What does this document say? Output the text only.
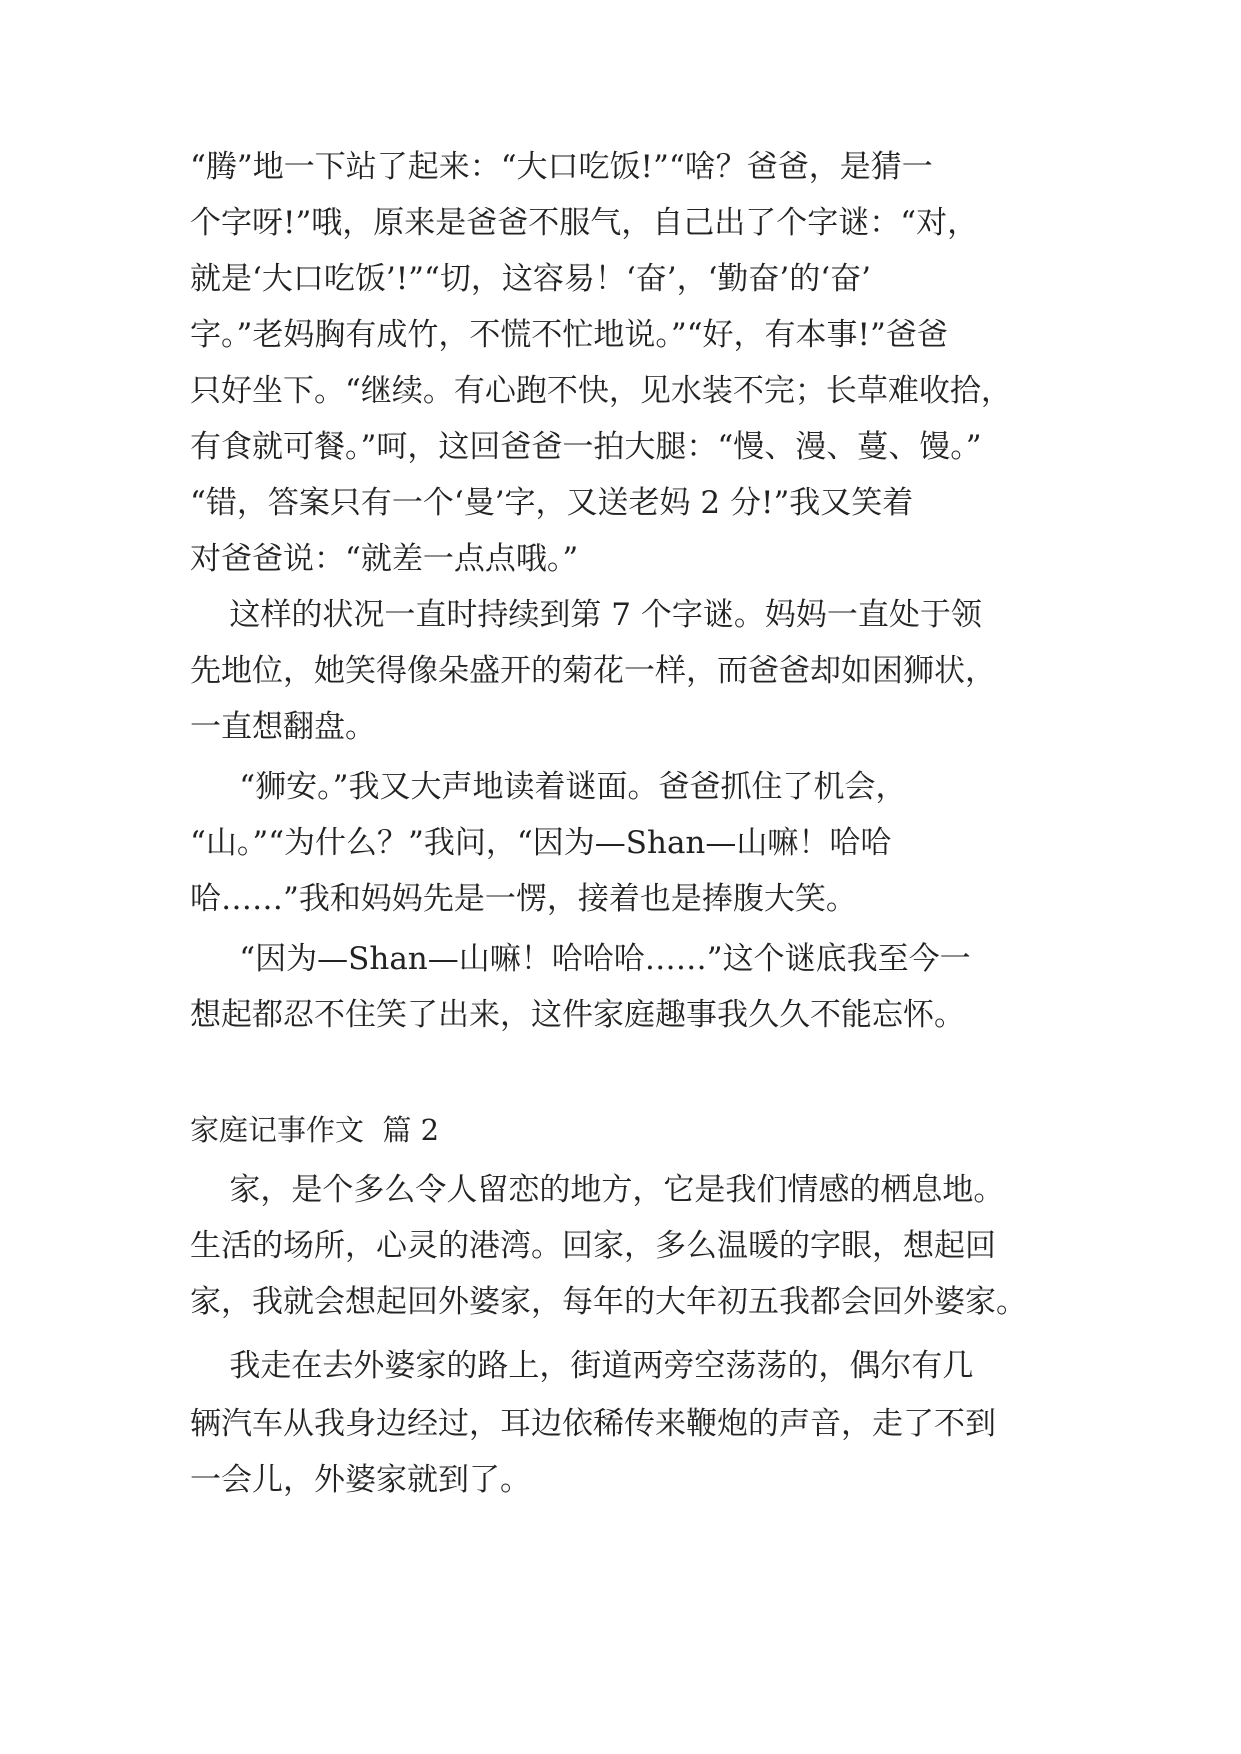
“腾”地一下站了起来：“大口吃饭!”“啥？爸爸，是猜一
个字呀!”哦，原来是爸爸不服气，自己出了个字谜：“对，
就是‘大口吃饭’!”“切，这容易！‘奋’，‘勤奋’的‘奋’
字。”老妈胸有成竹，不慌不忙地说。”“好，有本事!”爸爸
只好坐下。“继续。有心跑不快，见水装不完；长草难收拾，
有食就可餐。”呵，这回爸爸一拍大腿：“慢、漫、蔓、馒。”
“错，答案只有一个‘曼’字，又送老妈 2 分!”我又笑着
对爸爸说：“就差一点点哦。”
这样的状况一直时持续到第 7 个字谜。妈妈一直处于领
先地位，她笑得像朵盛开的菊花一样，而爸爸却如困狮状，
一直想翻盘。
“狮安。”我又大声地读着谜面。爸爸抓住了机会，
“山。”“为什么？”我问，“因为—Shan—山嘛！哈哈
哈……”我和妈妈先是一愣，接着也是捧腹大笑。
“因为—Shan—山嘛！哈哈哈……”这个谜底我至今一
想起都忍不住笑了出来，这件家庭趣事我久久不能忘怀。
家庭记事作文  篇 2
家，是个多么令人留恋的地方，它是我们情感的栖息地。
生活的场所，心灵的港湾。回家，多么温暖的字眼，想起回
家，我就会想起回外婆家，每年的大年初五我都会回外婆家。
我走在去外婆家的路上，街道两旁空荡荡的，偶尔有几
辆汽车从我身边经过，耳边依稀传来鞭炮的声音，走了不到
一会儿，外婆家就到了。
